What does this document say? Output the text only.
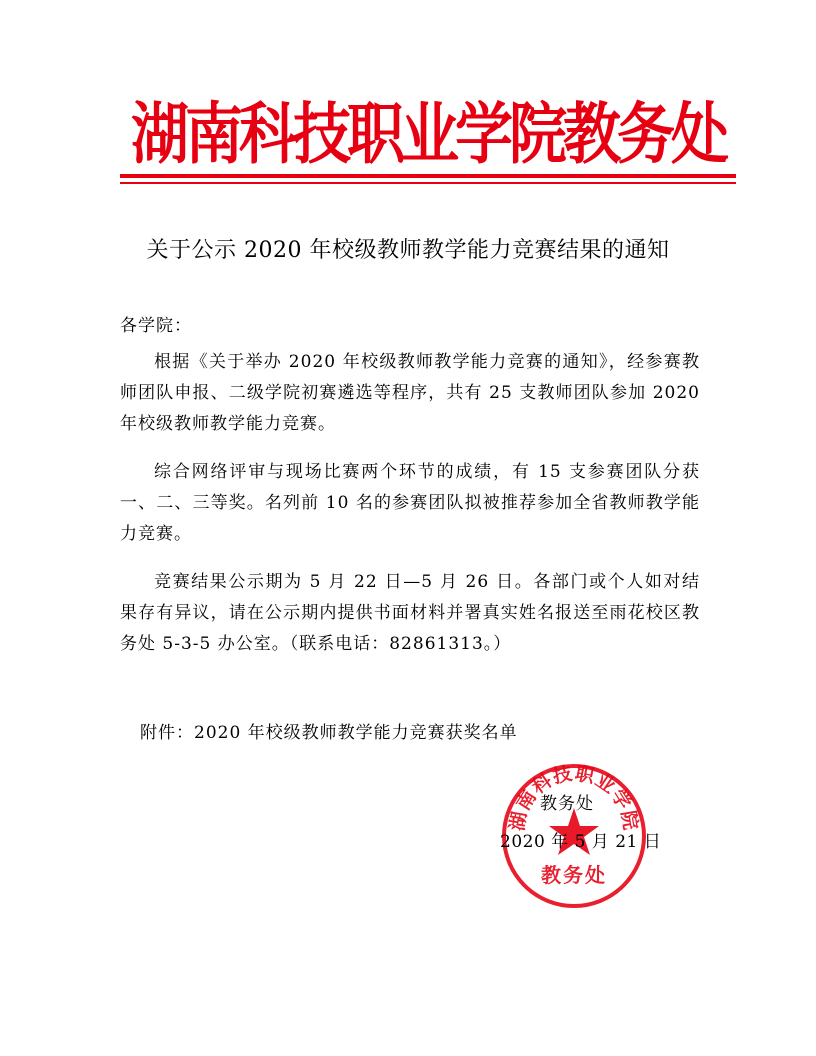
湖南科技职业学院教务处
关于公示 2020 年校级教师教学能力竞赛结果的通知
各学院：

根据《关于举办 2020 年校级教师教学能力竞赛的通知》，经参赛教师团队申报、二级学院初赛遴选等程序，共有 25 支教师团队参加 2020 年校级教师教学能力竞赛。

综合网络评审与现场比赛两个环节的成绩，有 15 支参赛团队分获一、二、三等奖。名列前 10 名的参赛团队拟被推荐参加全省教师教学能力竞赛。

竞赛结果公示期为 5 月 22 日—5 月 26 日。各部门或个人如对结果存有异议，请在公示期内提供书面材料并署真实姓名报送至雨花校区教务处 5-3-5 办公室。（联系电话：82861313。）

附件：2020 年校级教师教学能力竞赛获奖名单
湖南科技职业学院
教务处
教务处
2020 年 5 月 21 日
